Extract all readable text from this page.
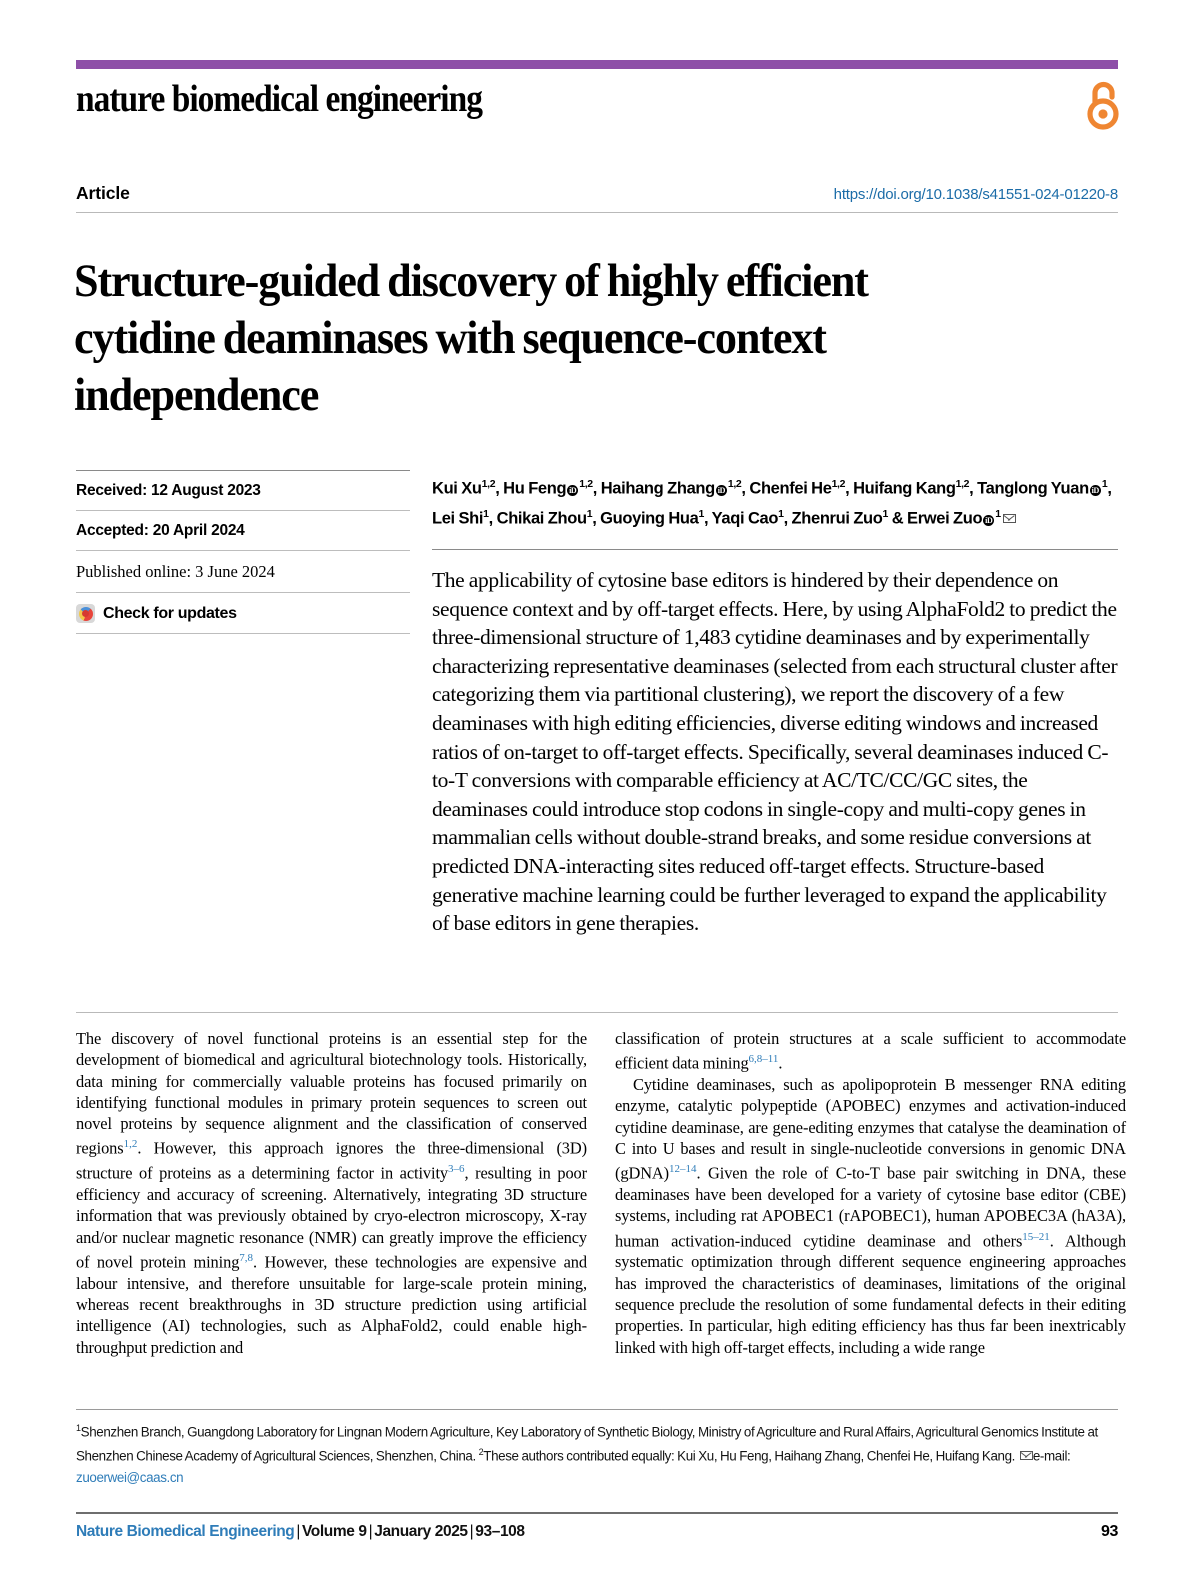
nature biomedical engineering
Article	https://doi.org/10.1038/s41551-024-01220-8
Structure-guided discovery of highly efficient cytidine deaminases with sequence-context independence
Received: 12 August 2023
Accepted: 20 April 2024
Published online: 3 June 2024
Check for updates
Kui Xu$^{1,2}$, Hu Feng iD $^{1,2}$, Haihang Zhang iD $^{1,2}$, Chenfei He$^{1,2}$, Huifang Kang$^{1,2}$, Tanglong Yuan iD $^1$, Lei Shi$^1$, Chikai Zhou$^1$, Guoying Hua$^1$, Yaqi Cao$^1$, Zhenrui Zuo$^1$ & Erwei Zuo iD $^1$
The applicability of cytosine base editors is hindered by their dependence on sequence context and by off-target effects. Here, by using AlphaFold2 to predict the three-dimensional structure of 1,483 cytidine deaminases and by experimentally characterizing representative deaminases (selected from each structural cluster after categorizing them via partitional clustering), we report the discovery of a few deaminases with high editing efficiencies, diverse editing windows and increased ratios of on-target to off-target effects. Specifically, several deaminases induced C-to-T conversions with comparable efficiency at AC/TC/CC/GC sites, the deaminases could introduce stop codons in single-copy and multi-copy genes in mammalian cells without double-strand breaks, and some residue conversions at predicted DNA-interacting sites reduced off-target effects. Structure-based generative machine learning could be further leveraged to expand the applicability of base editors in gene therapies.

The discovery of novel functional proteins is an essential step for the development of biomedical and agricultural biotechnology tools. Historically, data mining for commercially valuable proteins has focused primarily on identifying functional modules in primary protein sequences to screen out novel proteins by sequence alignment and the classification of conserved regions$^{1,2}$. However, this approach ignores the three-dimensional (3D) structure of proteins as a determining factor in activity$^{3-6}$, resulting in poor efficiency and accuracy of screening. Alternatively, integrating 3D structure information that was previously obtained by cryo-electron microscopy, X-ray and/or nuclear magnetic resonance (NMR) can greatly improve the efficiency of novel protein mining$^{7,8}$. However, these technologies are expensive and labour intensive, and therefore unsuitable for large-scale protein mining, whereas recent breakthroughs in 3D structure prediction using artificial intelligence (AI) technologies, such as AlphaFold2, could enable high-throughput prediction and

classification of protein structures at a scale sufficient to accommodate efficient data mining$^{6,8-11}$.

Cytidine deaminases, such as apolipoprotein B messenger RNA editing enzyme, catalytic polypeptide (APOBEC) enzymes and activation-induced cytidine deaminase, are gene-editing enzymes that catalyse the deamination of C into U bases and result in single-nucleotide conversions in genomic DNA (gDNA)$^{12-14}$. Given the role of C-to-T base pair switching in DNA, these deaminases have been developed for a variety of cytosine base editor (CBE) systems, including rat APOBEC1 (rAPOBEC1), human APOBEC3A (hA3A), human activation-induced cytidine deaminase and others$^{15-21}$. Although systematic optimization through different sequence engineering approaches has improved the characteristics of deaminases, limitations of the original sequence preclude the resolution of some fundamental defects in their editing properties. In particular, high editing efficiency has thus far been inextricably linked with high off-target effects, including a wide range

$^1$Shenzhen Branch, Guangdong Laboratory for Lingnan Modern Agriculture, Key Laboratory of Synthetic Biology, Ministry of Agriculture and Rural Affairs, Agricultural Genomics Institute at Shenzhen Chinese Academy of Agricultural Sciences, Shenzhen, China. $^2$These authors contributed equally: Kui Xu, Hu Feng, Haihang Zhang, Chenfei He, Huifang Kang. e-mail: zuoerwei@caas.cn
Nature Biomedical Engineering | Volume 9 | January 2025 | 93–108	93
